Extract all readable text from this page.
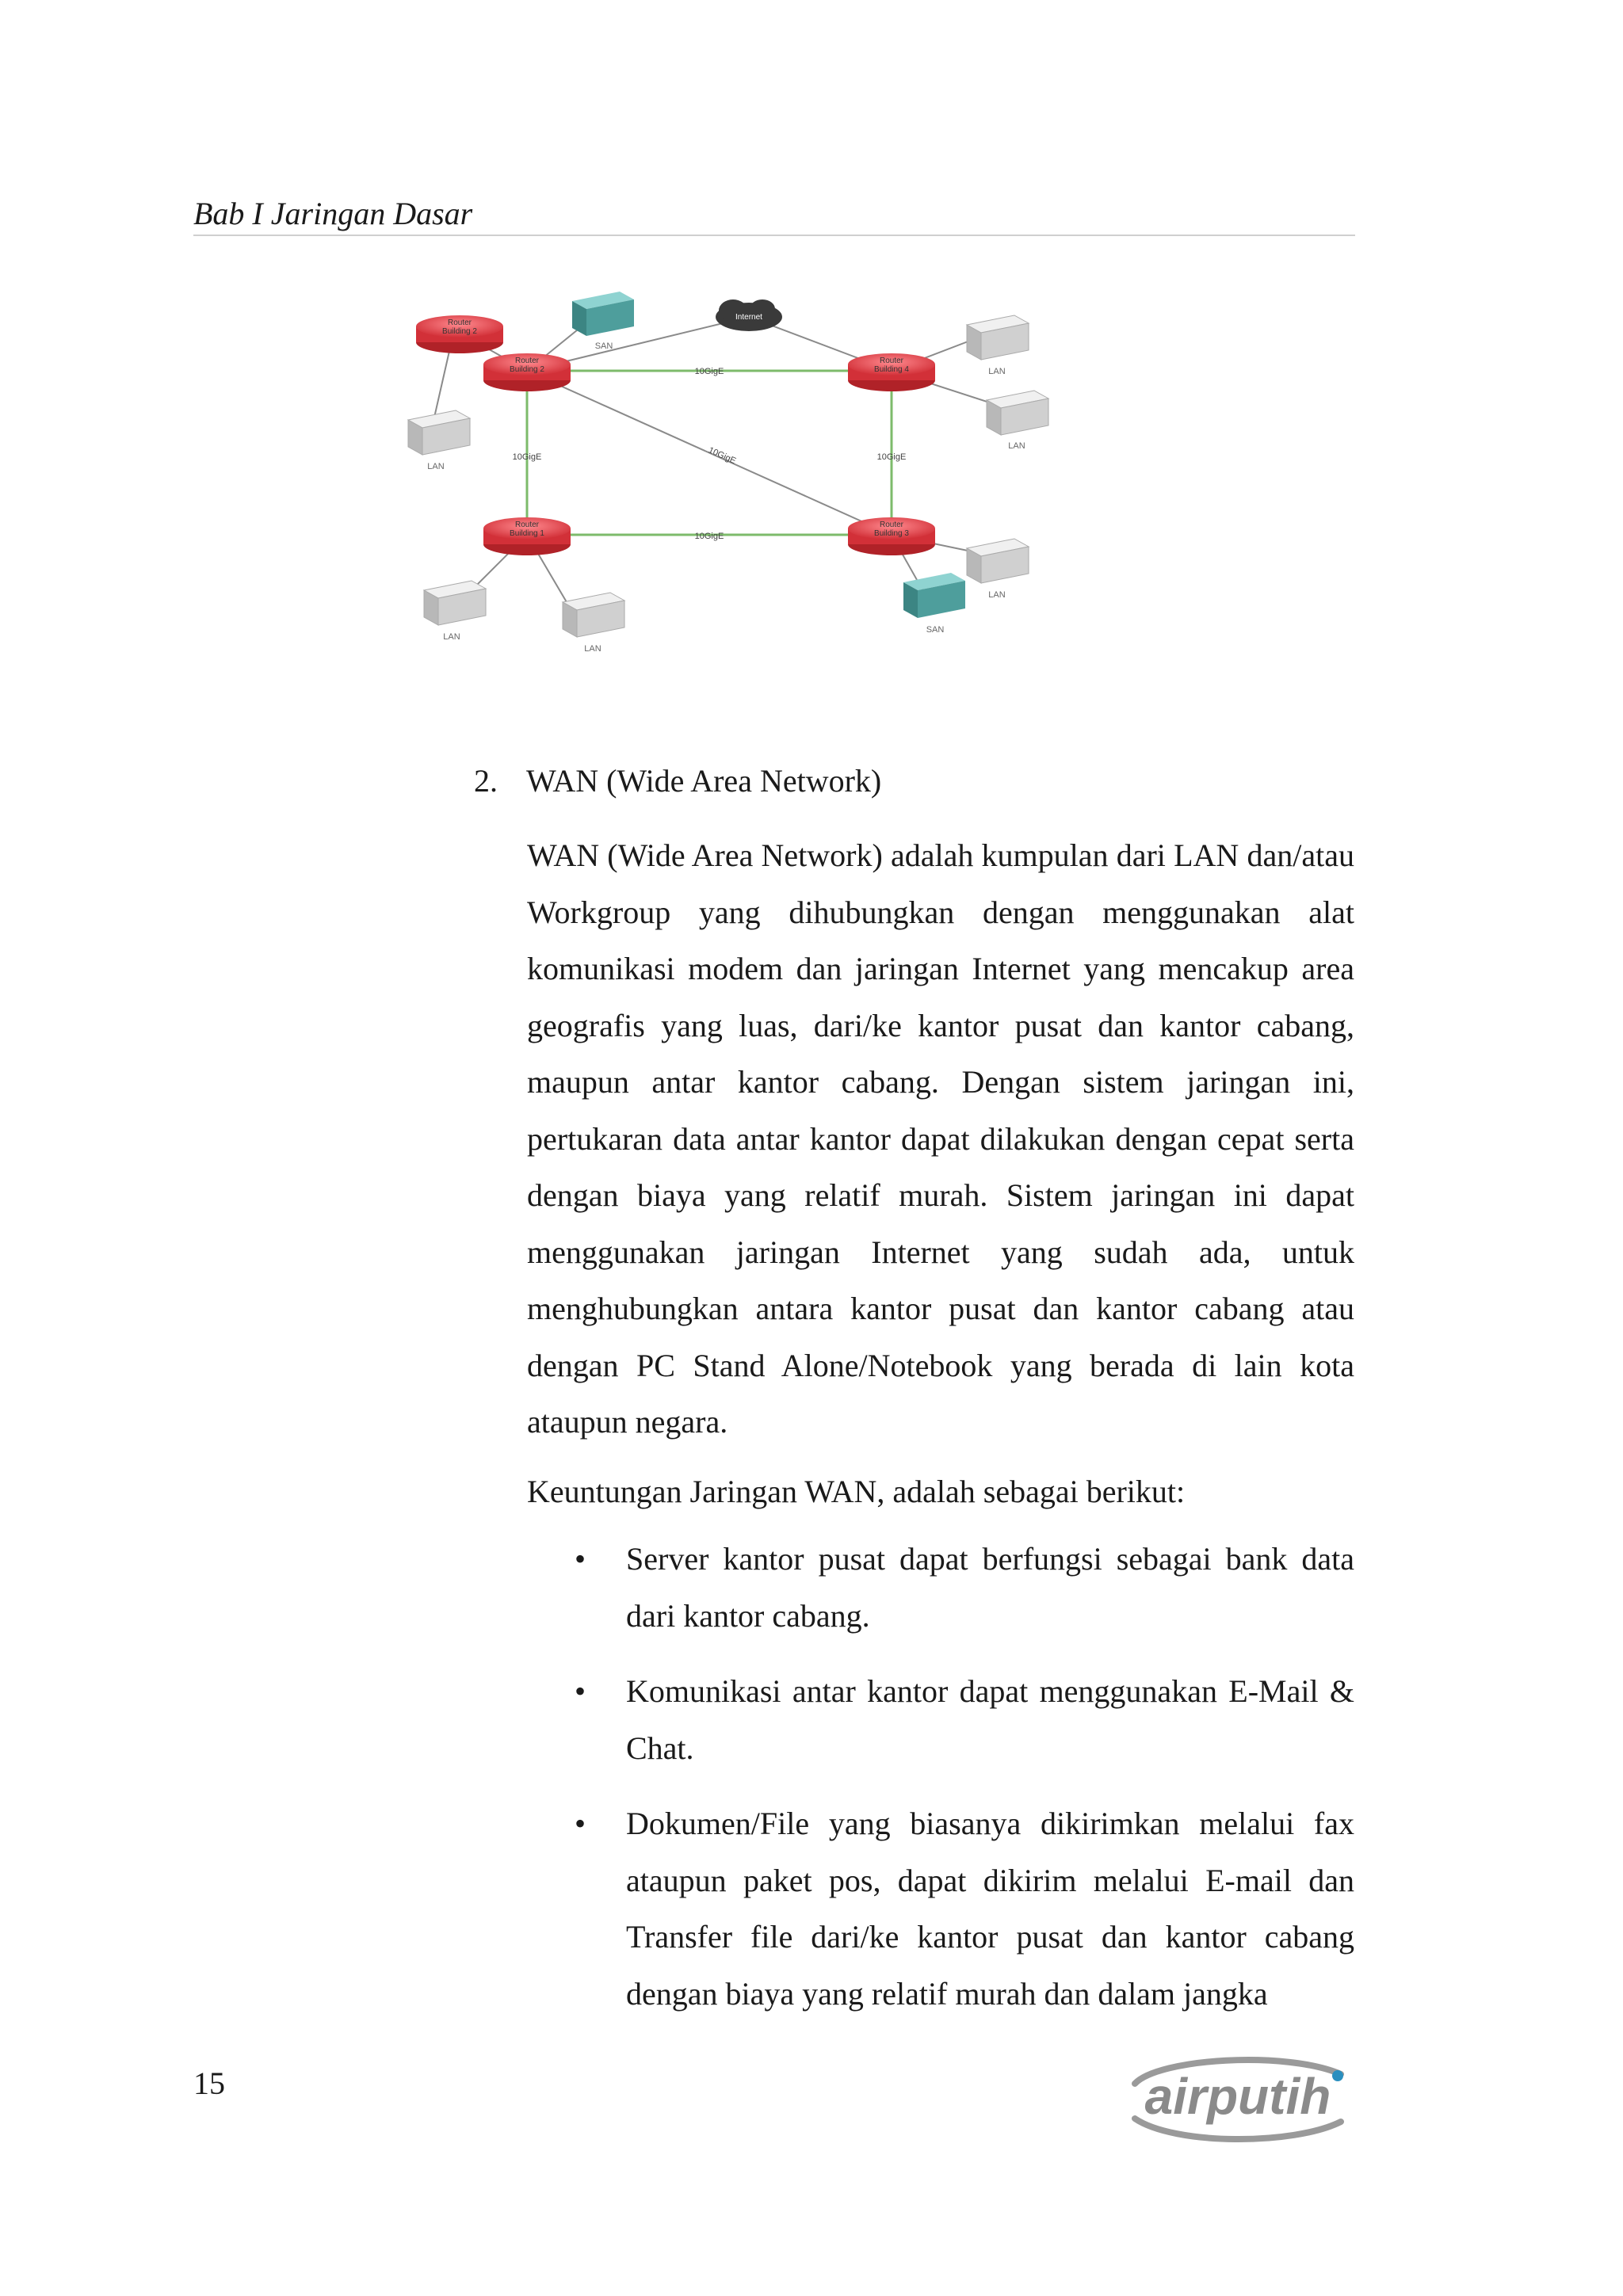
Bab I Jaringan Dasar
10GigE
10GigE	10GigE
10GigE
10GigE
Internet
SAN
SAN
LAN
LAN
LAN
LAN
LAN
LAN
Router
Building 2
Router
Building 2
Router
Building 4
Router
Building 1
Router
Building 3
2. WAN (Wide Area Network)

WAN (Wide Area Network) adalah kumpulan dari LAN dan/atau Workgroup yang dihubungkan dengan menggunakan alat komunikasi modem dan jaringan Internet yang mencakup area geografis yang luas, dari/ke kantor pusat dan kantor cabang, maupun antar kantor cabang. Dengan sistem jaringan ini, pertukaran data antar kantor dapat dilakukan dengan cepat serta dengan biaya yang relatif murah. Sistem jaringan ini dapat menggunakan jaringan Internet yang sudah ada, untuk menghubungkan antara kantor pusat dan kantor cabang atau dengan PC Stand Alone/Notebook yang berada di lain kota ataupun negara.

Keuntungan Jaringan WAN, adalah sebagai berikut:

• Server kantor pusat dapat berfungsi sebagai bank data dari kantor cabang.
• Komunikasi antar kantor dapat menggunakan E-Mail & Chat.
• Dokumen/File yang biasanya dikirimkan melalui fax ataupun paket pos, dapat dikirim melalui E-mail dan Transfer file dari/ke kantor pusat dan kantor cabang dengan biaya yang relatif murah dan dalam jangka
15	airputih
